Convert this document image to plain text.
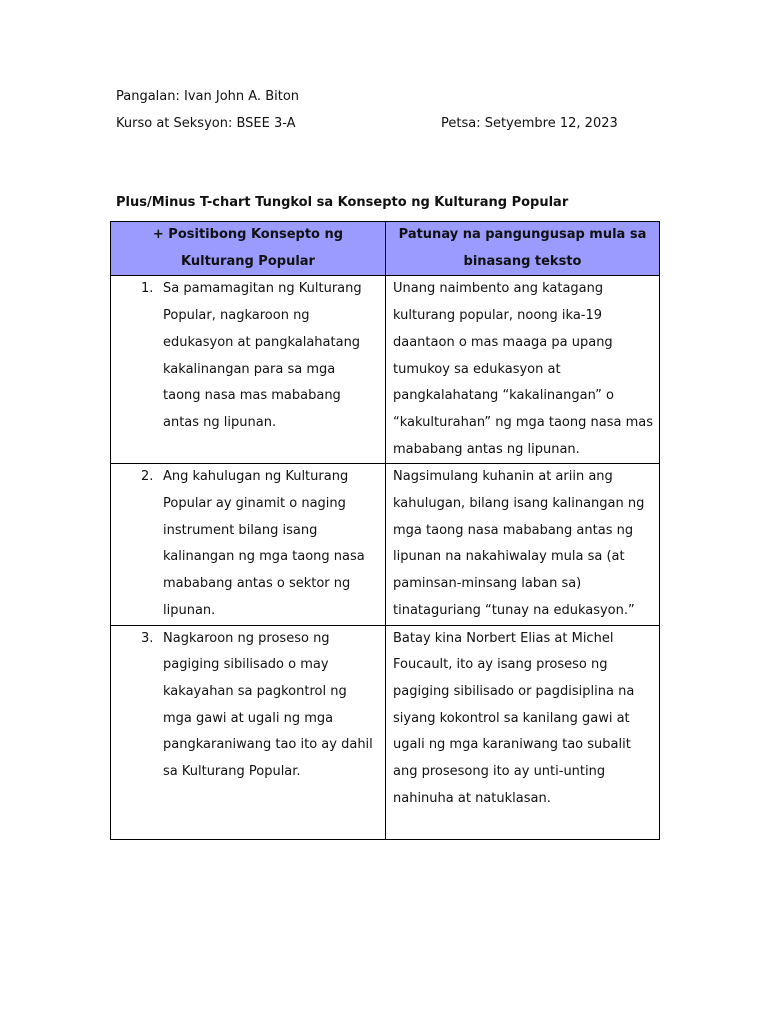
Pangalan: Ivan John A. Biton
Kurso at Seksyon: BSEE 3-A	Petsa: Setyembre 12, 2023
Plus/Minus T-chart Tungkol sa Konsepto ng Kulturang Popular
+ Positibong Konsepto ng Kulturang Popular	Patunay na pangungusap mula sa binasang teksto

1. Sa pamamagitan ng Kulturang Popular, nagkaroon ng edukasyon at pangkalahatang kakalinangan para sa mga taong nasa mas mababang antas ng lipunan.	Unang naimbento ang katagang kulturang popular, noong ika-19 daantaon o mas maaga pa upang tumukoy sa edukasyon at pangkalahatang “kakalinangan” o “kakulturahan” ng mga taong nasa mas mababang antas ng lipunan.

2. Ang kahulugan ng Kulturang Popular ay ginamit o naging instrument bilang isang kalinangan ng mga taong nasa mababang antas o sektor ng lipunan.	Nagsimulang kuhanin at ariin ang kahulugan, bilang isang kalinangan ng mga taong nasa mababang antas ng lipunan na nakahiwalay mula sa (at paminsan-minsang laban sa) tinataguriang “tunay na edukasyon.”

3. Nagkaroon ng proseso ng pagiging sibilisado o may kakayahan sa pagkontrol ng mga gawi at ugali ng mga pangkaraniwang tao ito ay dahil sa Kulturang Popular.	Batay kina Norbert Elias at Michel Foucault, ito ay isang proseso ng pagiging sibilisado or pagdisiplina na siyang kokontrol sa kanilang gawi at ugali ng mga karaniwang tao subalit ang prosesong ito ay unti-unting nahinuha at natuklasan.
